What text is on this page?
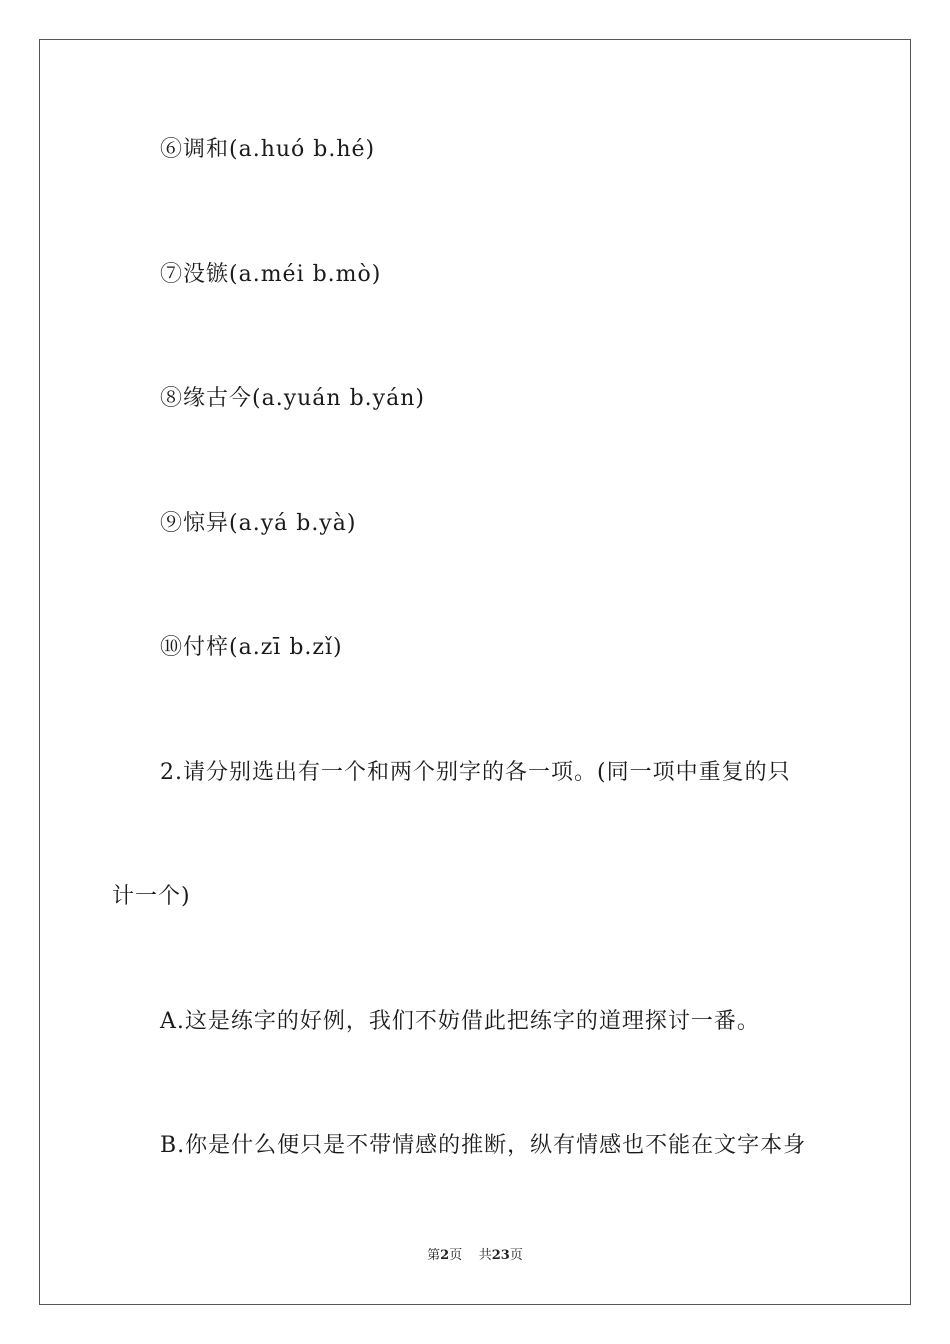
⑥调和(a.huó b.hé)
⑦没镞(a.méi b.mò)
⑧缘古今(a.yuán b.yán)
⑨惊异(a.yá b.yà)
⑩付梓(a.zī b.zǐ)
2.请分别选出有一个和两个别字的各一项。(同一项中重复的只
计一个)
A.这是练字的好例，我们不妨借此把练字的道理探讨一番。
B.你是什么便只是不带情感的推断，纵有情感也不能在文字本身
第2页 共23页
